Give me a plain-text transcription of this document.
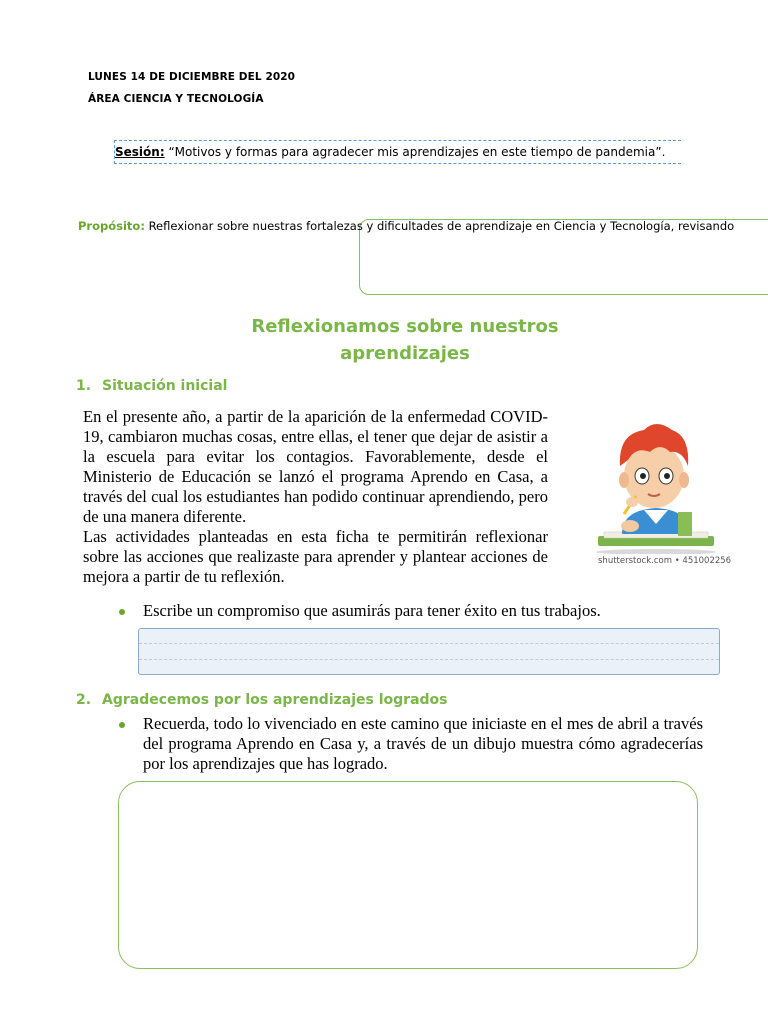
LUNES 14 DE DICIEMBRE DEL 2020
ÁREA CIENCIA Y TECNOLOGÍA
Sesión: “Motivos y formas para agradecer mis aprendizajes en este tiempo de pandemia”.
Propósito: Reflexionar sobre nuestras fortalezas y dificultades de aprendizaje en Ciencia y Tecnología, revisando
Reflexionamos sobre nuestros
aprendizajes
1. Situación inicial
En el presente año, a partir de la aparición de la enfermedad COVID-19, cambiaron muchas cosas, entre ellas, el tener que dejar de asistir a la escuela para evitar los contagios. Favorablemente, desde el Ministerio de Educación se lanzó el programa Aprendo en Casa, a través del cual los estudiantes han podido continuar aprendiendo, pero de una manera diferente.
Las actividades planteadas en esta ficha te permitirán reflexionar sobre las acciones que realizaste para aprender y plantear acciones de mejora a partir de tu reflexión.
shutterstock.com • 451002256
Escribe un compromiso que asumirás para tener éxito en tus trabajos.
2. Agradecemos por los aprendizajes logrados
Recuerda, todo lo vivenciado en este camino que iniciaste en el mes de abril a través del programa Aprendo en Casa y, a través de un dibujo muestra cómo agradecerías por los aprendizajes que has logrado.
